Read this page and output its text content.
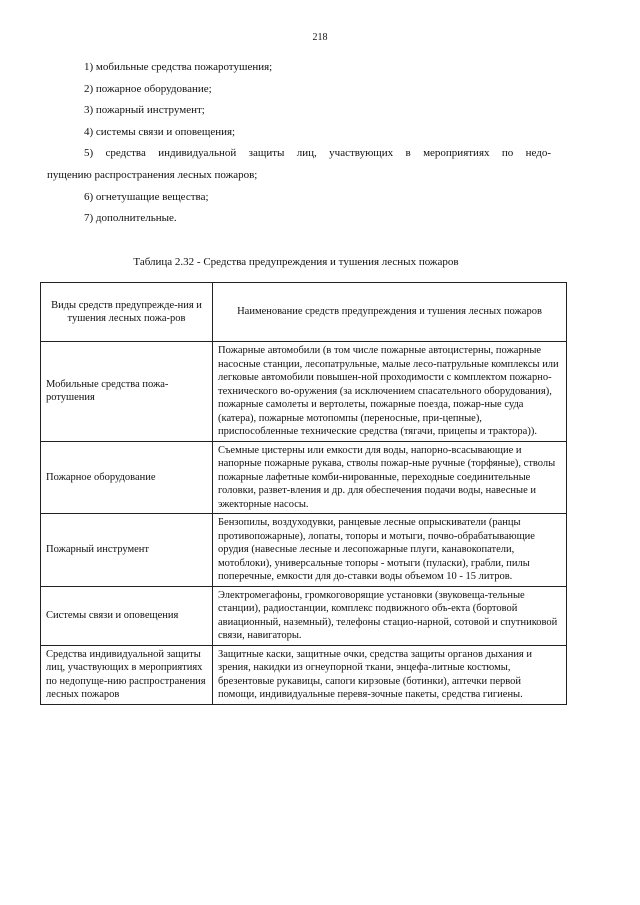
218
1) мобильные средства пожаротушения;
2) пожарное оборудование;
3) пожарный инструмент;
4) системы связи и оповещения;
5) средства индивидуальной защиты лиц, участвующих в мероприятиях по недо-
пущению распространения лесных пожаров;
6) огнетушащие вещества;
7) дополнительные.
Таблица 2.32 - Средства предупреждения и тушения лесных пожаров
Виды средств предупрежде-ния и тушения лесных пожа-ров	Наименование средств предупреждения и тушения лесных пожаров
Мобильные средства пожа-ротушения	Пожарные автомобили (в том числе пожарные автоцистерны, пожарные насосные станции, лесопатрульные, малые лесо-патрульные комплексы или легковые автомобили повышен-ной проходимости с комплектом пожарно-технического во-оружения (за исключением спасательного оборудования), пожарные самолеты и вертолеты, пожарные поезда, пожар-ные суда (катера), пожарные мотопомпы (переносные, при-цепные), приспособленные технические средства (тягачи, прицепы и трактора)).
Пожарное оборудование	Съемные цистерны или емкости для воды, напорно-всасывающие и напорные пожарные рукава, стволы пожар-ные ручные (торфяные), стволы пожарные лафетные комби-нированные, переходные соединительные головки, развет-вления и др. для обеспечения подачи воды, навесные и эжекторные насосы.
Пожарный инструмент	Бензопилы, воздуходувки, ранцевые лесные опрыскиватели (ранцы противопожарные), лопаты, топоры и мотыги, почво-обрабатывающие орудия (навесные лесные и лесопожарные плуги, канавокопатели, мотоблоки), универсальные топоры - мотыги (пуласки), грабли, пилы поперечные, емкости для до-ставки воды объемом 10 - 15 литров.
Системы связи и оповещения	Электромегафоны, громкоговорящие установки (звуковеща-тельные станции), радиостанции, комплекс подвижного объ-екта (бортовой авиационный, наземный), телефоны стацио-нарной, сотовой и спутниковой связи, навигаторы.
Средства индивидуальной защиты лиц, участвующих в мероприятиях по недопуще-нию распространения лесных пожаров	Защитные каски, защитные очки, средства защиты органов дыхания и зрения, накидки из огнеупорной ткани, энцефа-литные костюмы, брезентовые рукавицы, сапоги кирзовые (ботинки), аптечки первой помощи, индивидуальные перевя-зочные пакеты, средства гигиены.
